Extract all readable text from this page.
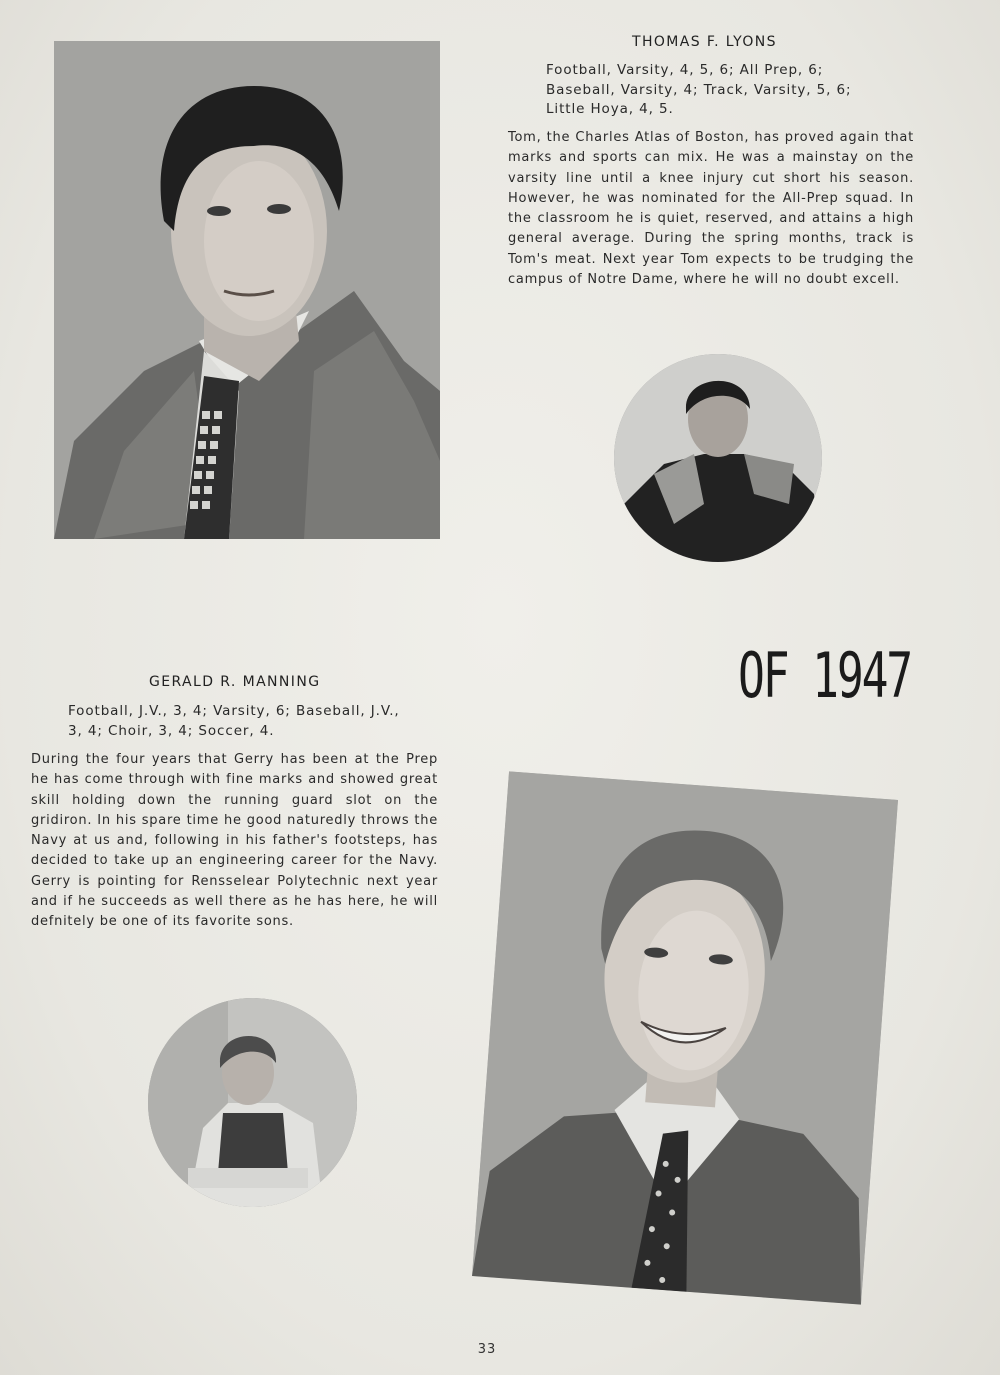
THOMAS F. LYONS
Football, Varsity, 4, 5, 6; All Prep, 6; Baseball, Varsity, 4; Track, Varsity, 5, 6; Little Hoya, 4, 5.
Tom, the Charles Atlas of Boston, has proved again that marks and sports can mix. He was a mainstay on the varsity line until a knee injury cut short his season. However, he was nominated for the All-Prep squad. In the classroom he is quiet, reserved, and attains a high general average. During the spring months, track is Tom's meat. Next year Tom expects to be trudging the campus of Notre Dame, where he will no doubt excell.
GERALD R. MANNING
Football, J.V., 3, 4; Varsity, 6; Baseball, J.V., 3, 4; Choir, 3, 4; Soccer, 4.
During the four years that Gerry has been at the Prep he has come through with fine marks and showed great skill holding down the running guard slot on the gridiron. In his spare time he good naturedly throws the Navy at us and, following in his father's footsteps, has decided to take up an engineering career for the Navy. Gerry is pointing for Rensselear Polytechnic next year and if he succeeds as well there as he has here, he will defnitely be one of its favorite sons.
OF 1947
33
